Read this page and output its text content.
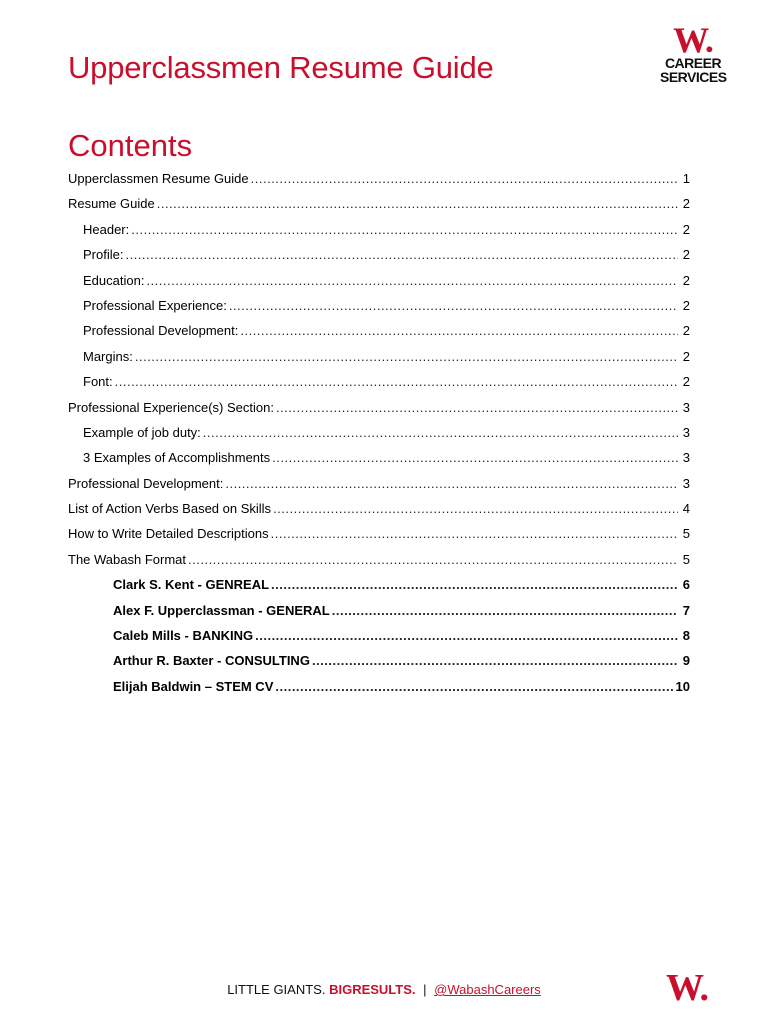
Upperclassmen Resume Guide
W.
CAREER
SERVICES
Contents
Upperclassmen Resume Guide .....	1
Resume Guide .....	2
Header: .....	2
Profile: .....	2
Education: .....	2
Professional Experience: .....	2
Professional Development: .....	2
Margins: .....	2
Font: .....	2
Professional Experience(s) Section: .....	3
Example of job duty: .....	3
3 Examples of Accomplishments .....	3
Professional Development: .....	3
List of Action Verbs Based on Skills .....	4
How to Write Detailed Descriptions .....	5
The Wabash Format .....	5
Clark S. Kent - GENREAL .....	6
Alex F. Upperclassman - GENERAL .....	7
Caleb Mills - BANKING .....	8
Arthur R. Baxter - CONSULTING .....	9
Elijah Baldwin – STEM CV .....	10
LITTLE GIANTS. BIGRESULTS. | @WabashCareers	W.
